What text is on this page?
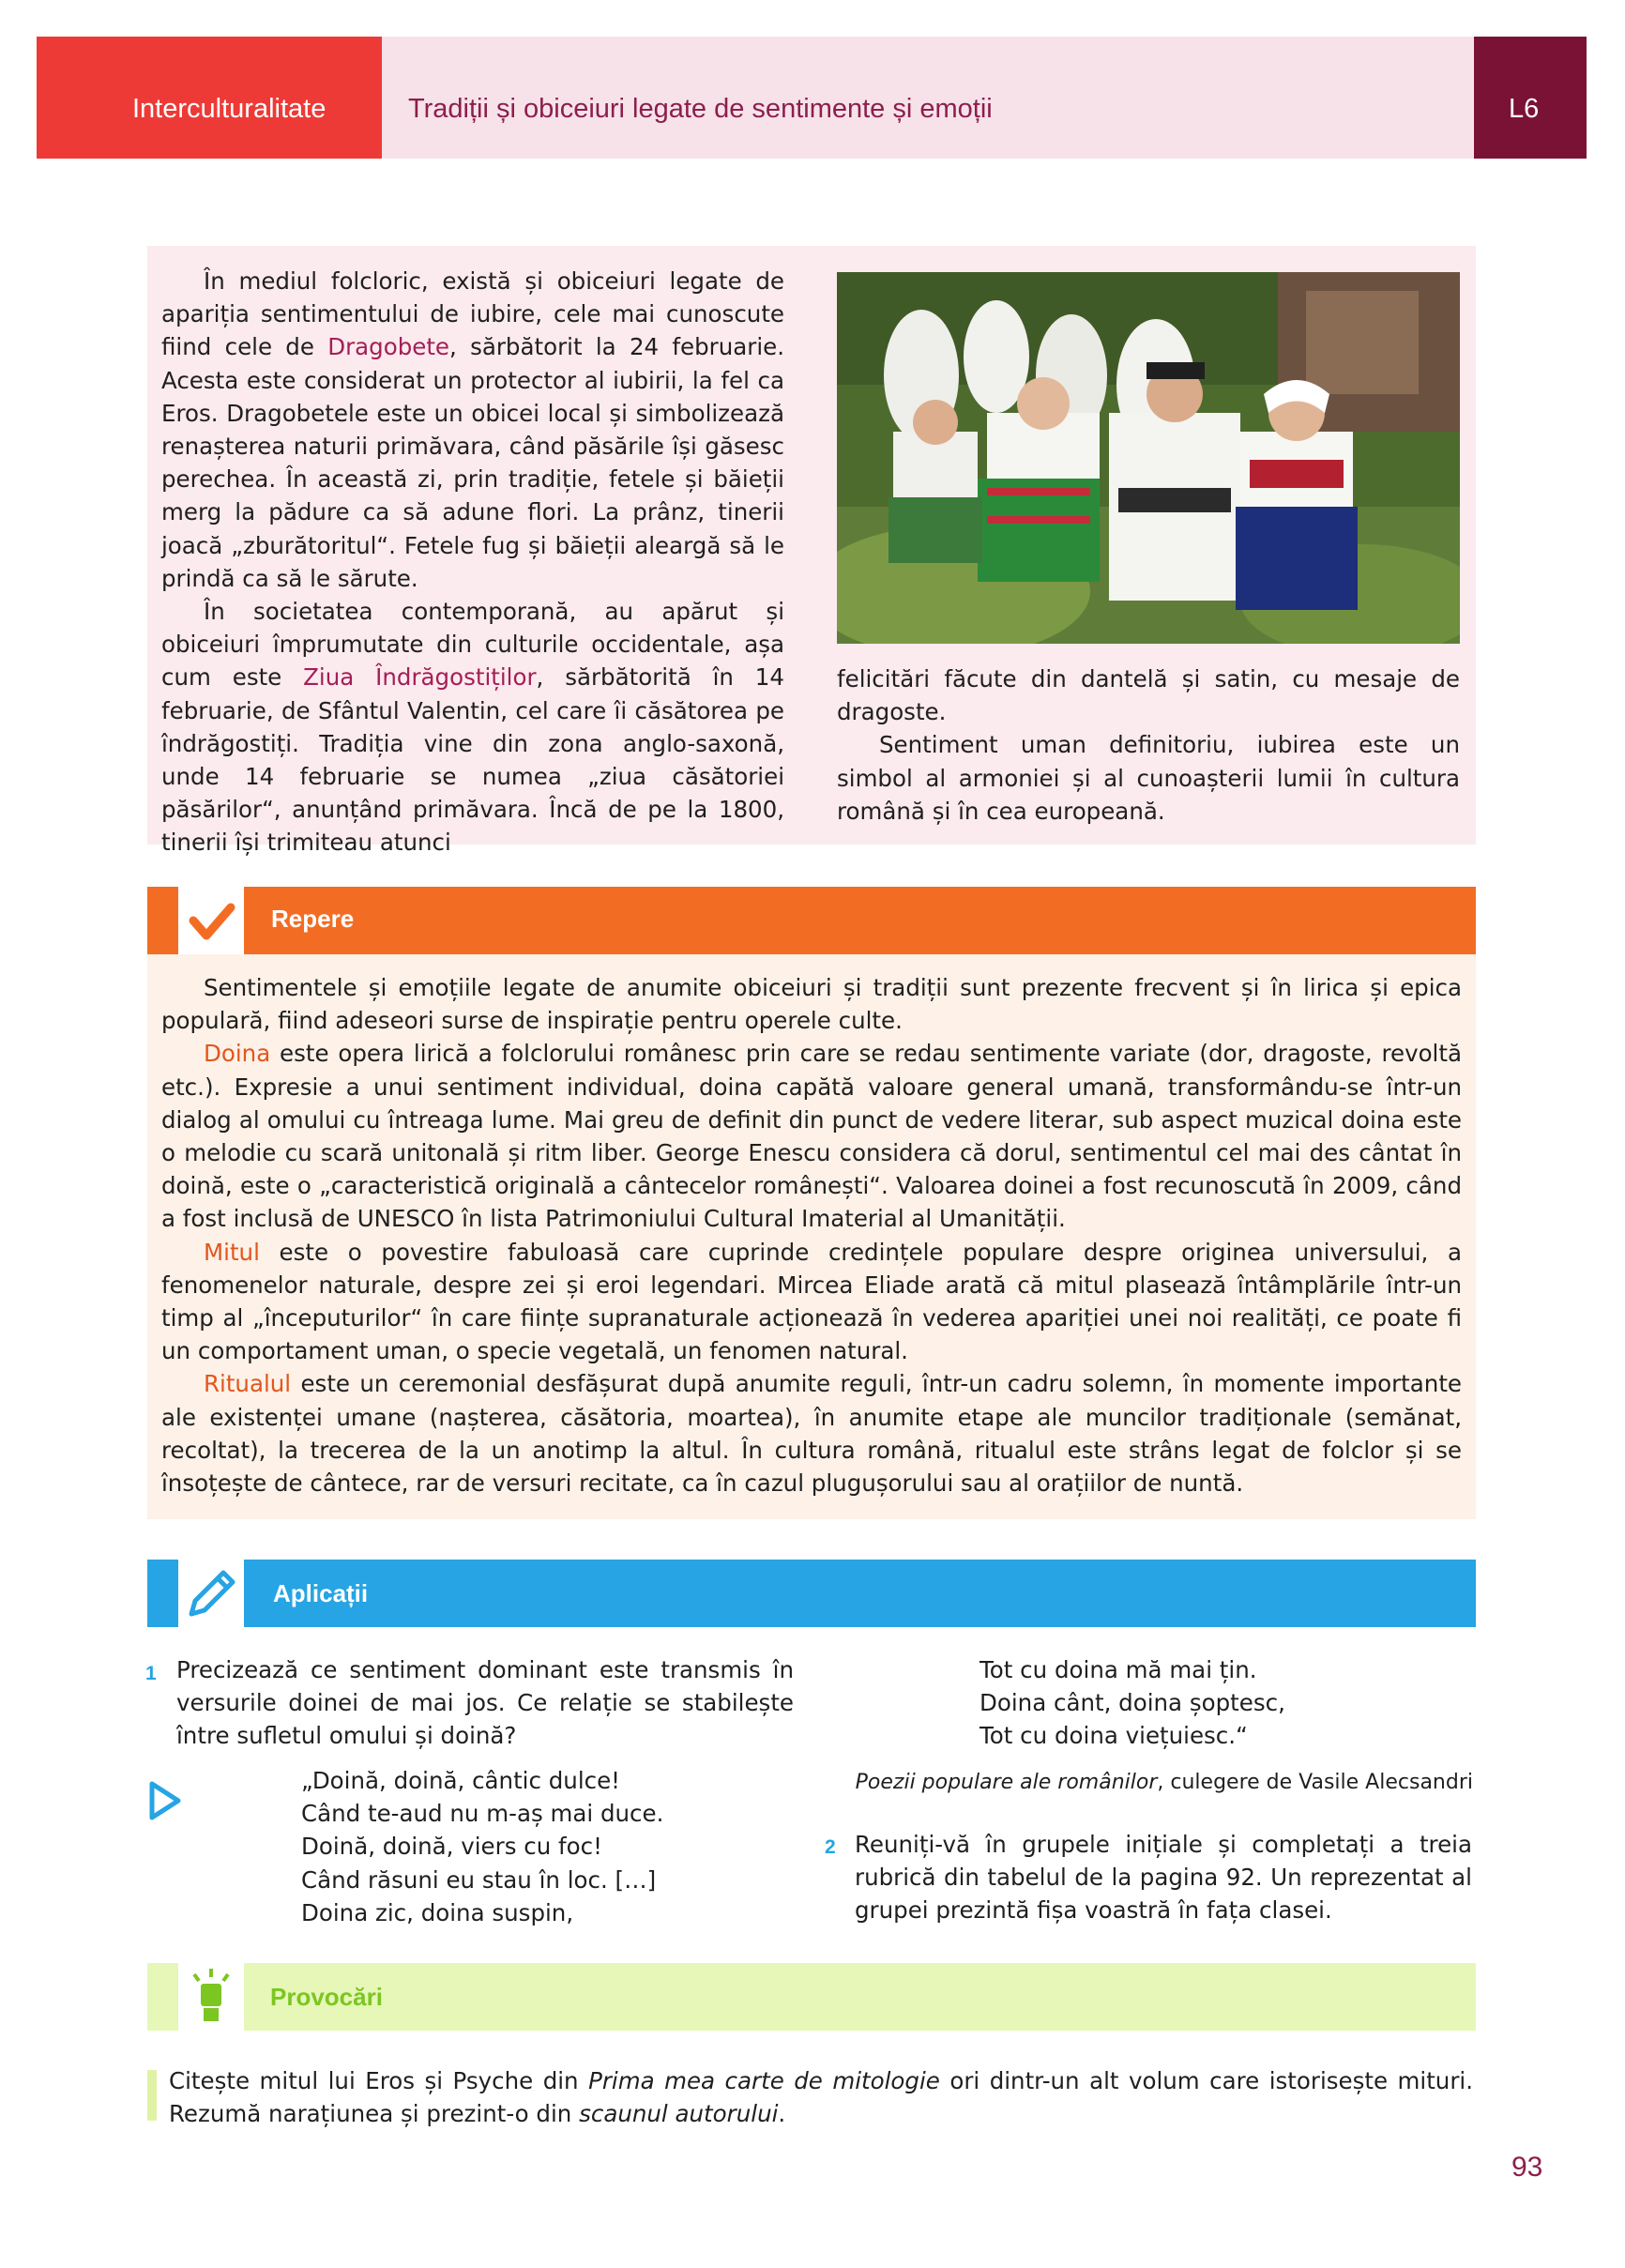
Interculturalitate	Tradiții și obiceiuri legate de sentimente și emoții	L6

În mediul folcloric, există și obiceiuri legate de apariția sentimentului de iubire, cele mai cunoscute fiind cele de Dragobete, sărbătorit la 24 februarie. Acesta este considerat un protector al iubirii, la fel ca Eros. Dragobetele este un obicei local și simbolizează renașterea naturii primăvara, când păsările își găsesc perechea. În această zi, prin tradiție, fetele și băieții merg la pădure ca să adune flori. La prânz, tinerii joacă „zburătoritul“. Fetele fug și băieții aleargă să le prindă ca să le sărute.

În societatea contemporană, au apărut și obiceiuri împrumutate din culturile occidentale, așa cum este Ziua Îndrăgostiților, sărbătorită în 14 februarie, de Sfântul Valentin, cel care îi căsătorea pe îndrăgostiți. Tradiția vine din zona anglo-saxonă, unde 14 februarie se numea „ziua căsătoriei păsărilor“, anunțând primăvara. Încă de pe la 1800, tinerii își trimiteau atunci

felicitări făcute din dantelă și satin, cu mesaje de dragoste.

Sentiment uman definitoriu, iubirea este un simbol al armoniei și al cunoașterii lumii în cultura română și în cea europeană.

Repere

Sentimentele și emoțiile legate de anumite obiceiuri și tradiții sunt prezente frecvent și în lirica și epica populară, fiind adeseori surse de inspirație pentru operele culte.

Doina este opera lirică a folclorului românesc prin care se redau sentimente variate (dor, dragoste, revoltă etc.). Expresie a unui sentiment individual, doina capătă valoare general umană, transformându-se într-un dialog al omului cu întreaga lume. Mai greu de definit din punct de vedere literar, sub aspect muzical doina este o melodie cu scară unitonală și ritm liber. George Enescu considera că dorul, sentimentul cel mai des cântat în doină, este o „caracteristică originală a cântecelor românești“. Valoarea doinei a fost recunoscută în 2009, când a fost inclusă de UNESCO în lista Patrimoniului Cultural Imaterial al Umanității.

Mitul este o povestire fabuloasă care cuprinde credințele populare despre originea universului, a fenomenelor naturale, despre zei și eroi legendari. Mircea Eliade arată că mitul plasează întâmplările într-un timp al „începuturilor“ în care ființe supranaturale acționează în vederea apariției unei noi realități, ce poate fi un comportament uman, o specie vegetală, un fenomen natural.

Ritualul este un ceremonial desfășurat după anumite reguli, într-un cadru solemn, în momente importante ale existenței umane (nașterea, căsătoria, moartea), în anumite etape ale muncilor tradiționale (semănat, recoltat), la trecerea de la un anotimp la altul. În cultura română, ritualul este strâns legat de folclor și se însoțește de cântece, rar de versuri recitate, ca în cazul plugușorului sau al orațiilor de nuntă.

Aplicații
1 Precizează ce sentiment dominant este transmis în versurile doinei de mai jos. Ce relație se stabilește între sufletul omului și doină?

„Doină, doină, cântic dulce!
Când te-aud nu m-aș mai duce.
Doină, doină, viers cu foc!
Când răsuni eu stau în loc. […]
Doina zic, doina suspin,
Tot cu doina mă mai țin.
Doina cânt, doina șoptesc,
Tot cu doina viețuiesc.“
Poezii populare ale românilor, culegere de Vasile Alecsandri
2 Reuniți-vă în grupele inițiale și completați a treia rubrică din tabelul de la pagina 92. Un reprezentat al grupei prezintă fișa voastră în fața clasei.

Provocări

Citește mitul lui Eros și Psyche din Prima mea carte de mitologie ori dintr-un alt volum care istorisește mituri. Rezumă narațiunea și prezint-o din scaunul autorului.

93
